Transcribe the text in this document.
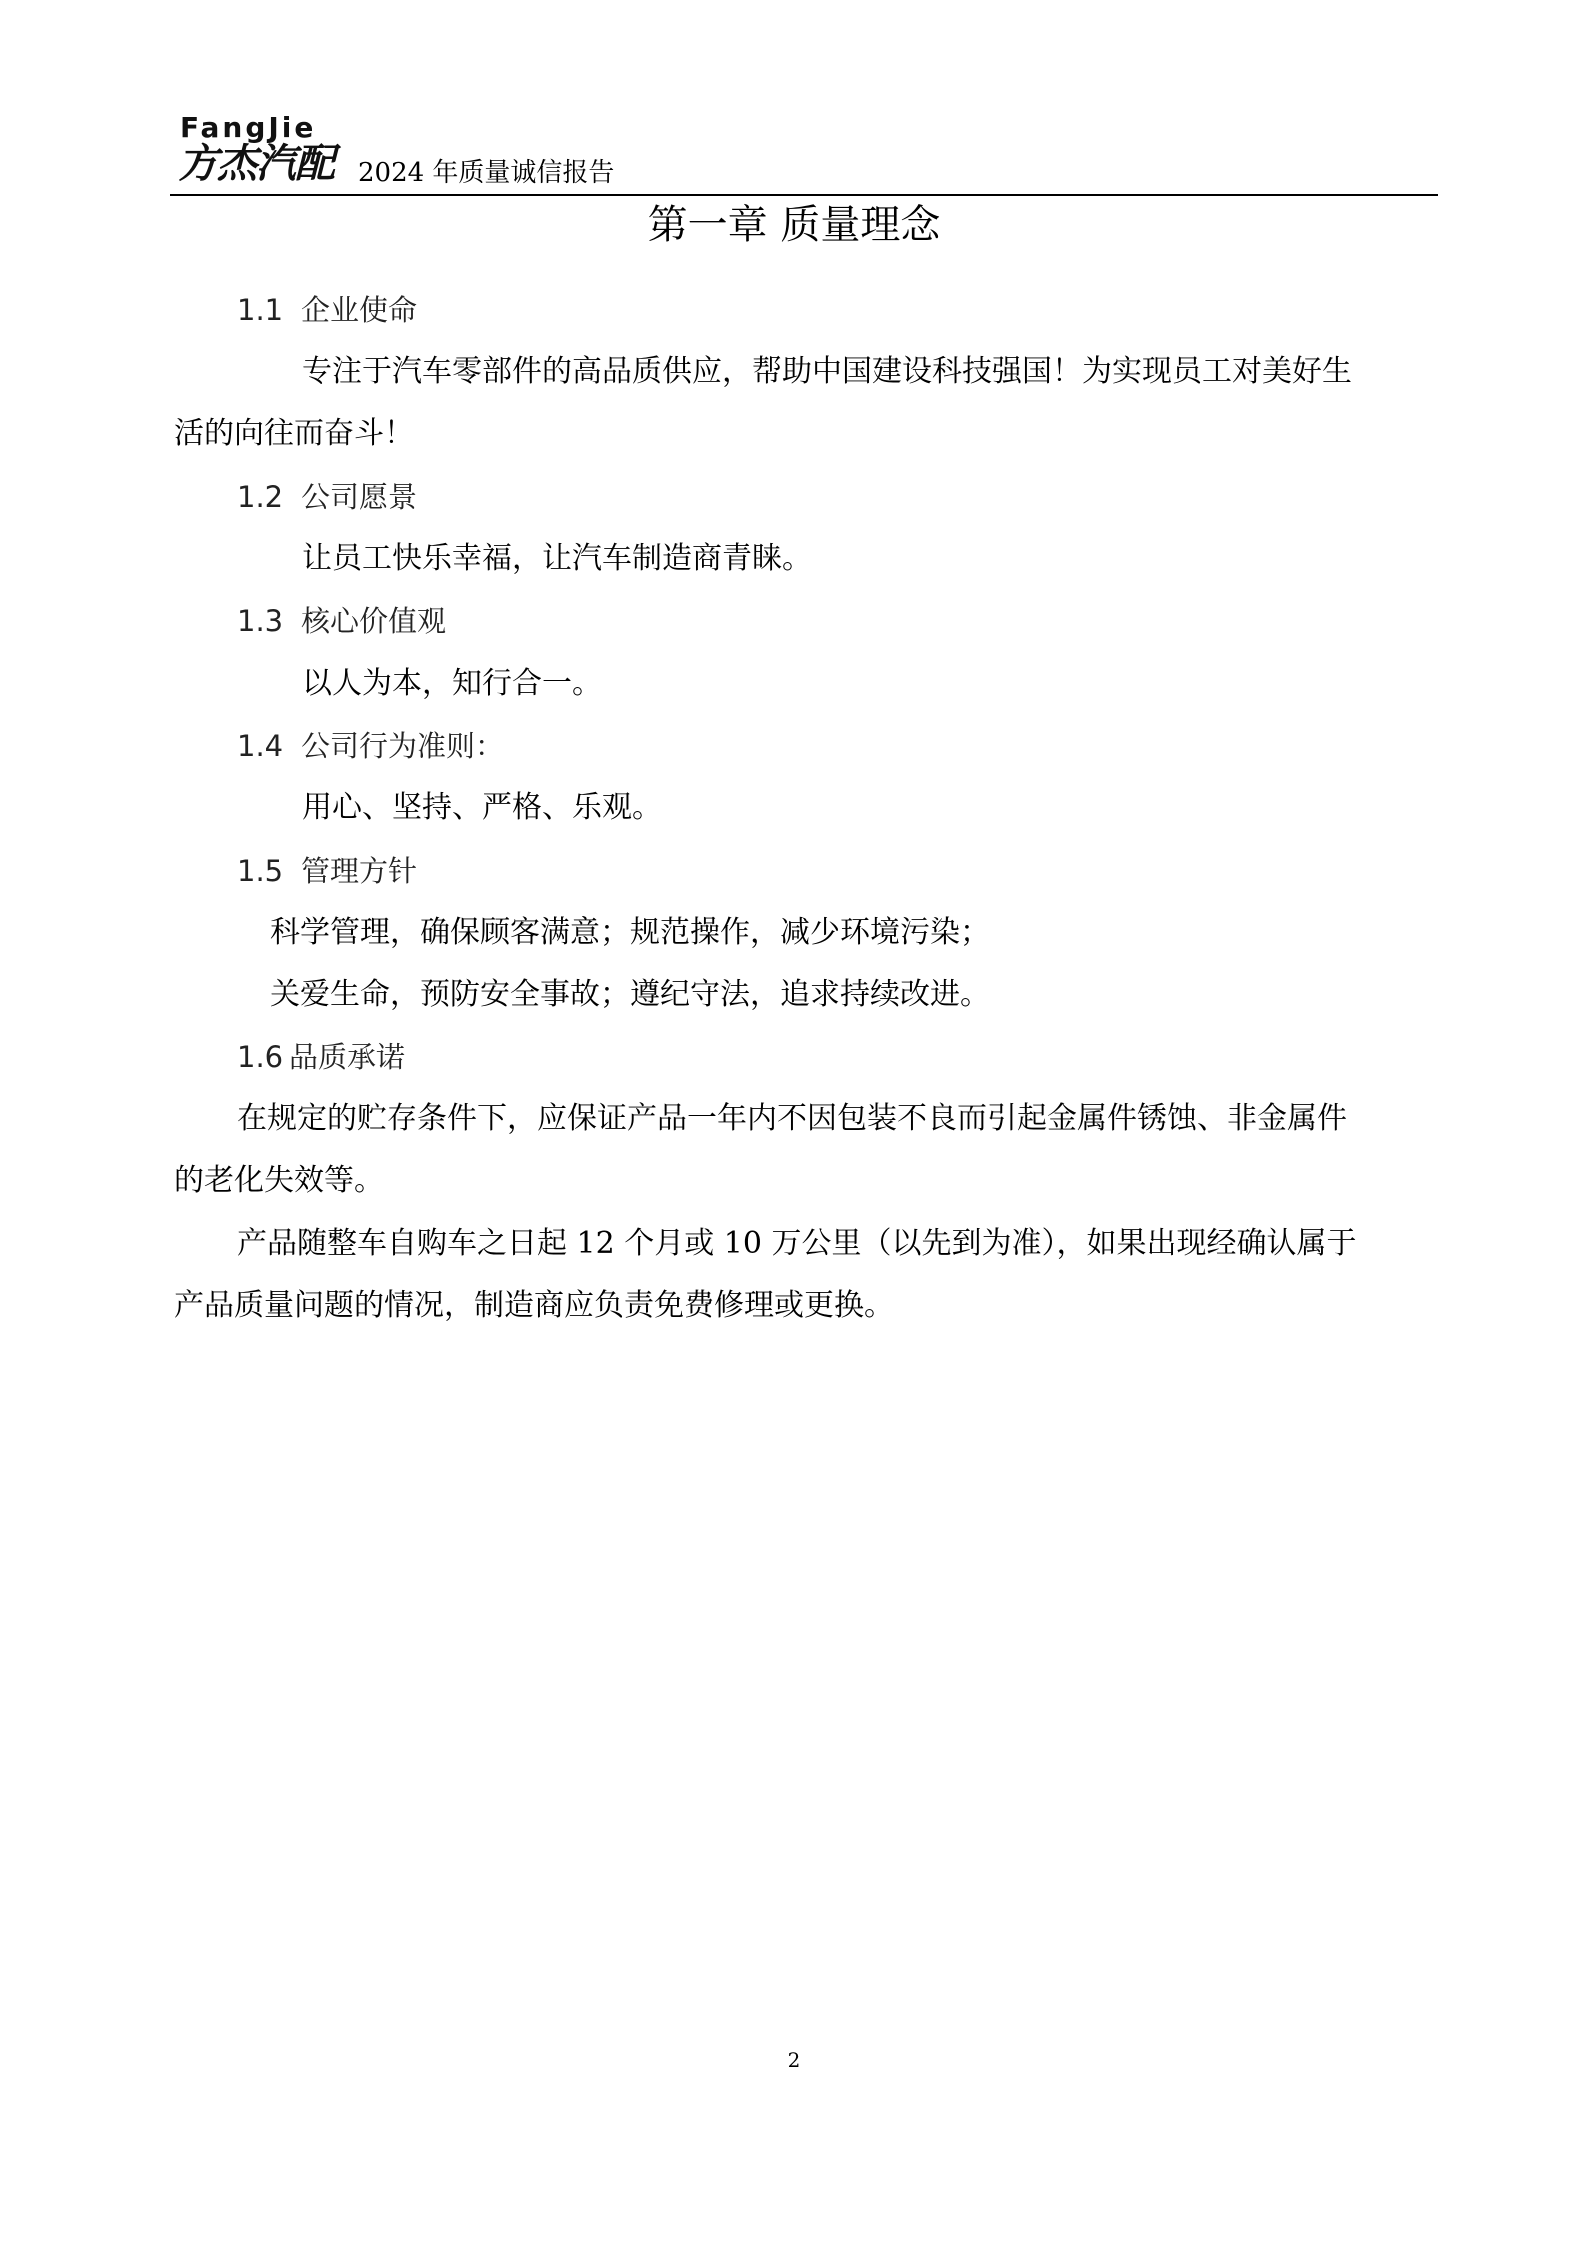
FangJie
方杰汽配 2024 年质量诚信报告
第一章 质量理念
1.1 企业使命
专注于汽车零部件的高品质供应，帮助中国建设科技强国！为实现员工对美好生
活的向往而奋斗！
1.2 公司愿景
让员工快乐幸福，让汽车制造商青睐。
1.3 核心价值观
以人为本，知行合一。
1.4 公司行为准则：
用心、坚持、严格、乐观。
1.5 管理方针
科学管理，确保顾客满意；规范操作，减少环境污染；
关爱生命，预防安全事故；遵纪守法，追求持续改进。
1.6 品质承诺
在规定的贮存条件下，应保证产品一年内不因包装不良而引起金属件锈蚀、非金属件
的老化失效等。
产品随整车自购车之日起 12 个月或 10 万公里（以先到为准），如果出现经确认属于
产品质量问题的情况，制造商应负责免费修理或更换。
2
